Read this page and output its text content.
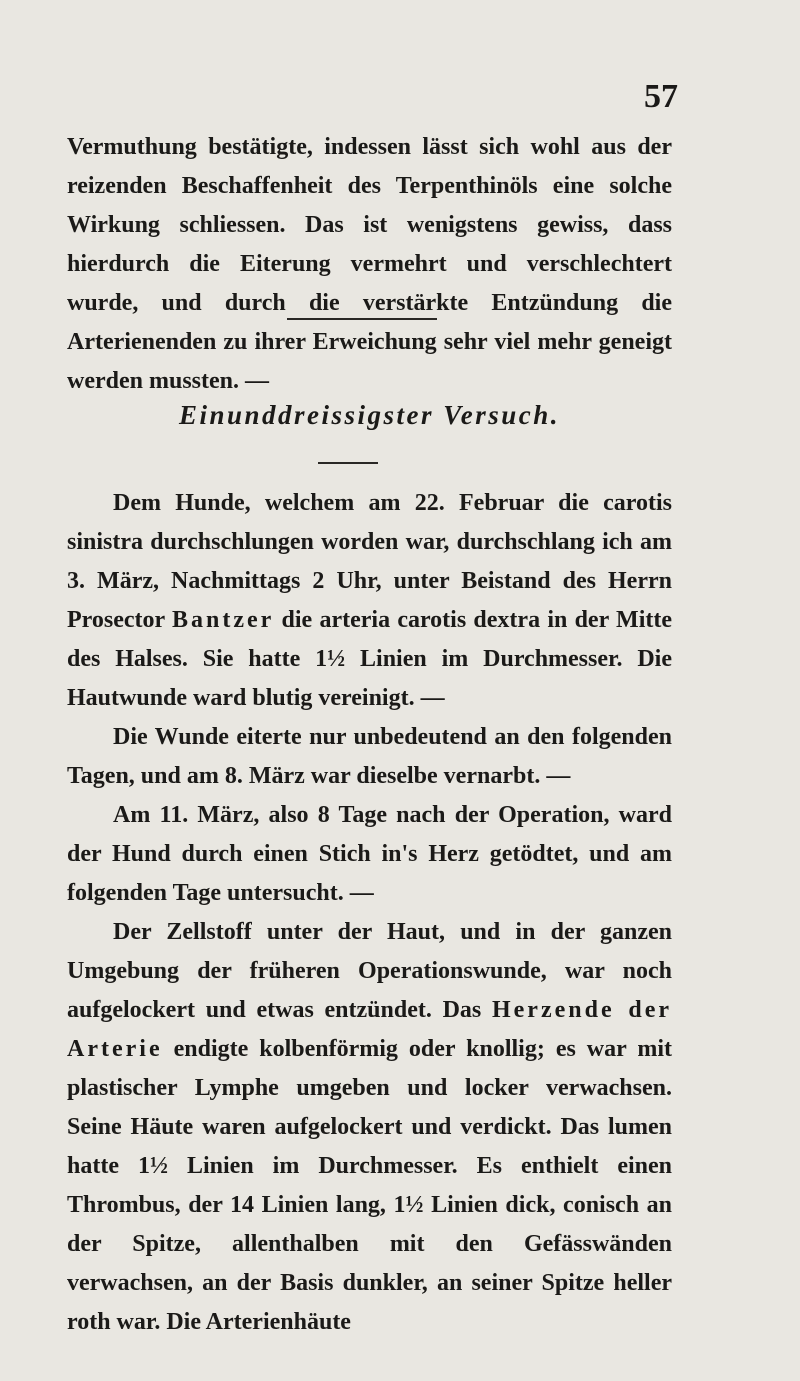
57

Vermuthung bestätigte, indessen lässt sich wohl aus der reizenden Beschaffenheit des Terpenthinöls eine solche Wirkung schliessen. Das ist wenigstens gewiss, dass hierdurch die Eiterung vermehrt und verschlechtert wurde, und durch die verstärkte Entzündung die Arterienenden zu ihrer Erweichung sehr viel mehr geneigt werden mussten. —

Einunddreissigster Versuch.

Dem Hunde, welchem am 22. Februar die carotis sinistra durchschlungen worden war, durchschlang ich am 3. März, Nachmittags 2 Uhr, unter Beistand des Herrn Prosector Bantzer die arteria carotis dextra in der Mitte des Halses. Sie hatte 1½ Linien im Durchmesser. Die Hautwunde ward blutig vereinigt. —

Die Wunde eiterte nur unbedeutend an den folgenden Tagen, und am 8. März war dieselbe vernarbt. —

Am 11. März, also 8 Tage nach der Operation, ward der Hund durch einen Stich in's Herz getödtet, und am folgenden Tage untersucht. —

Der Zellstoff unter der Haut, und in der ganzen Umgebung der früheren Operationswunde, war noch aufgelockert und etwas entzündet. Das Herzende der Arterie endigte kolbenförmig oder knollig; es war mit plastischer Lymphe umgeben und locker verwachsen. Seine Häute waren aufgelockert und verdickt. Das lumen hatte 1½ Linien im Durchmesser. Es enthielt einen Thrombus, der 14 Linien lang, 1½ Linien dick, conisch an der Spitze, allenthalben mit den Gefässwänden verwachsen, an der Basis dunkler, an seiner Spitze heller roth war. Die Arterienhäute
